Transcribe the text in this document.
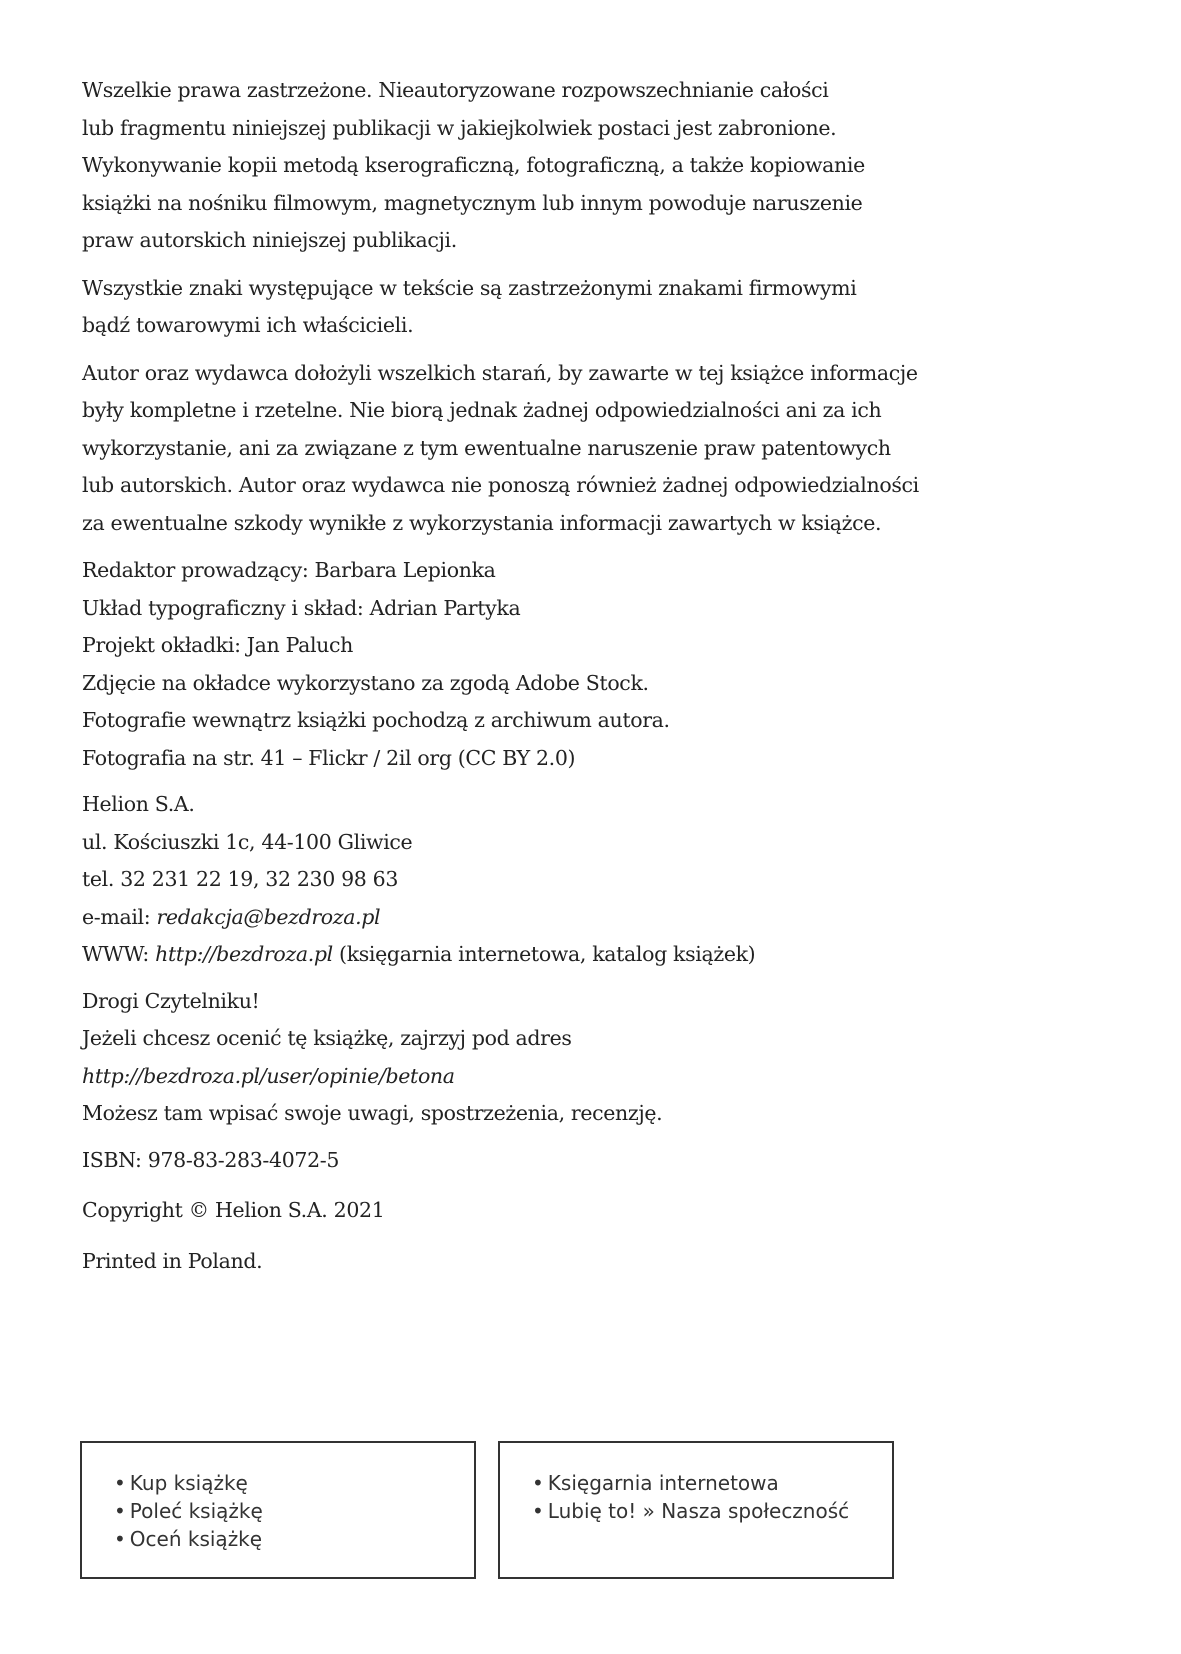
Wszelkie prawa zastrzeżone. Nieautoryzowane rozpowszechnianie całości
lub fragmentu niniejszej publikacji w jakiejkolwiek postaci jest zabronione.
Wykonywanie kopii metodą kserograficzną, fotograficzną, a także kopiowanie
książki na nośniku filmowym, magnetycznym lub innym powoduje naruszenie
praw autorskich niniejszej publikacji.

Wszystkie znaki występujące w tekście są zastrzeżonymi znakami firmowymi
bądź towarowymi ich właścicieli.

Autor oraz wydawca dołożyli wszelkich starań, by zawarte w tej książce informacje
były kompletne i rzetelne. Nie biorą jednak żadnej odpowiedzialności ani za ich
wykorzystanie, ani za związane z tym ewentualne naruszenie praw patentowych
lub autorskich. Autor oraz wydawca nie ponoszą również żadnej odpowiedzialności
za ewentualne szkody wynikłe z wykorzystania informacji zawartych w książce.

Redaktor prowadzący: Barbara Lepionka
Układ typograficzny i skład: Adrian Partyka
Projekt okładki: Jan Paluch
Zdjęcie na okładce wykorzystano za zgodą Adobe Stock.
Fotografie wewnątrz książki pochodzą z archiwum autora.
Fotografia na str. 41 – Flickr / 2il org (CC BY 2.0)
Helion S.A.
ul. Kościuszki 1c, 44-100 Gliwice
tel. 32 231 22 19, 32 230 98 63
e-mail: redakcja@bezdroza.pl
WWW: http://bezdroza.pl (księgarnia internetowa, katalog książek)
Drogi Czytelniku!
Jeżeli chcesz ocenić tę książkę, zajrzyj pod adres
http://bezdroza.pl/user/opinie/betona
Możesz tam wpisać swoje uwagi, spostrzeżenia, recenzję.

ISBN: 978-83-283-4072-5

Copyright © Helion S.A. 2021

Printed in Poland.

• Kup książkę
• Poleć książkę
• Oceń książkę
• Księgarnia internetowa
• Lubię to! » Nasza społeczność
